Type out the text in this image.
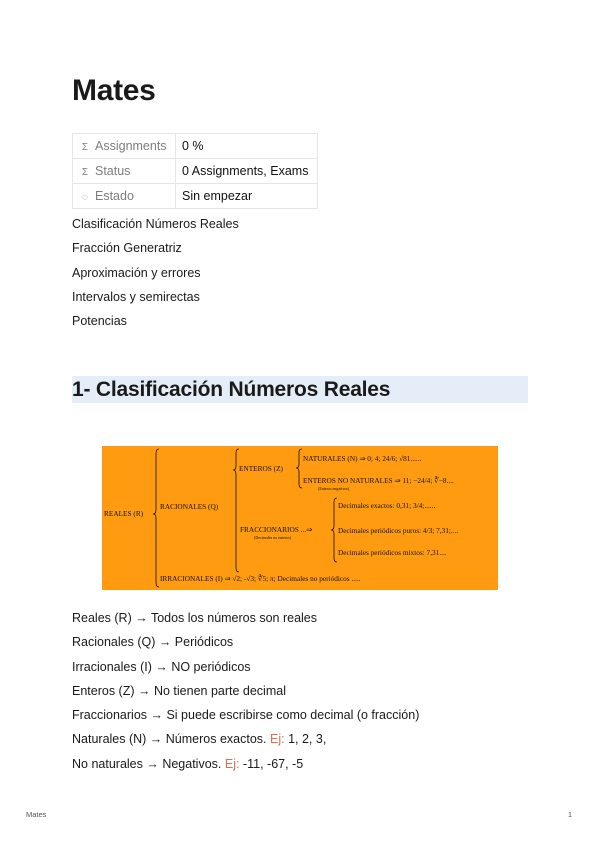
Mates
Σ Assignments	0 %
Σ Status	0 Assignments, Exams
◌ Estado	Sin empezar
Clasificación Números Reales
Fracción Generatriz
Aproximación y errores
Intervalos y semirectas
Potencias
1- Clasificación Números Reales
REALES (R)
RACIONALES (Q)
ENTEROS (Z)
NATURALES (N) ⇒ 0; 4; 24/6; √81......
ENTEROS NO NATURALES ⇒ 11; −24/4; ∛−8....
(Enteros negativos)
FRACCIONARIOS ...⇒
(Decimales no enteros)
Decimales exactos: 0,31; 3/4;......
Decimales periódicos puros: 4/3; 7,31;....
Decimales periódicos mixtos: 7,31....
IRRACIONALES (I) ⇒ √2; -√3; ∜5; π; Decimales no periódicos .....
Reales (R) → Todos los números son reales
Racionales (Q) → Periódicos
Irracionales (I) → NO periódicos
Enteros (Z) → No tienen parte decimal
Fraccionarios → Si puede escribirse como decimal (o fracción)
Naturales (N) → Números exactos. Ej: 1, 2, 3,
No naturales → Negativos. Ej: -11, -67, -5
Mates	1
